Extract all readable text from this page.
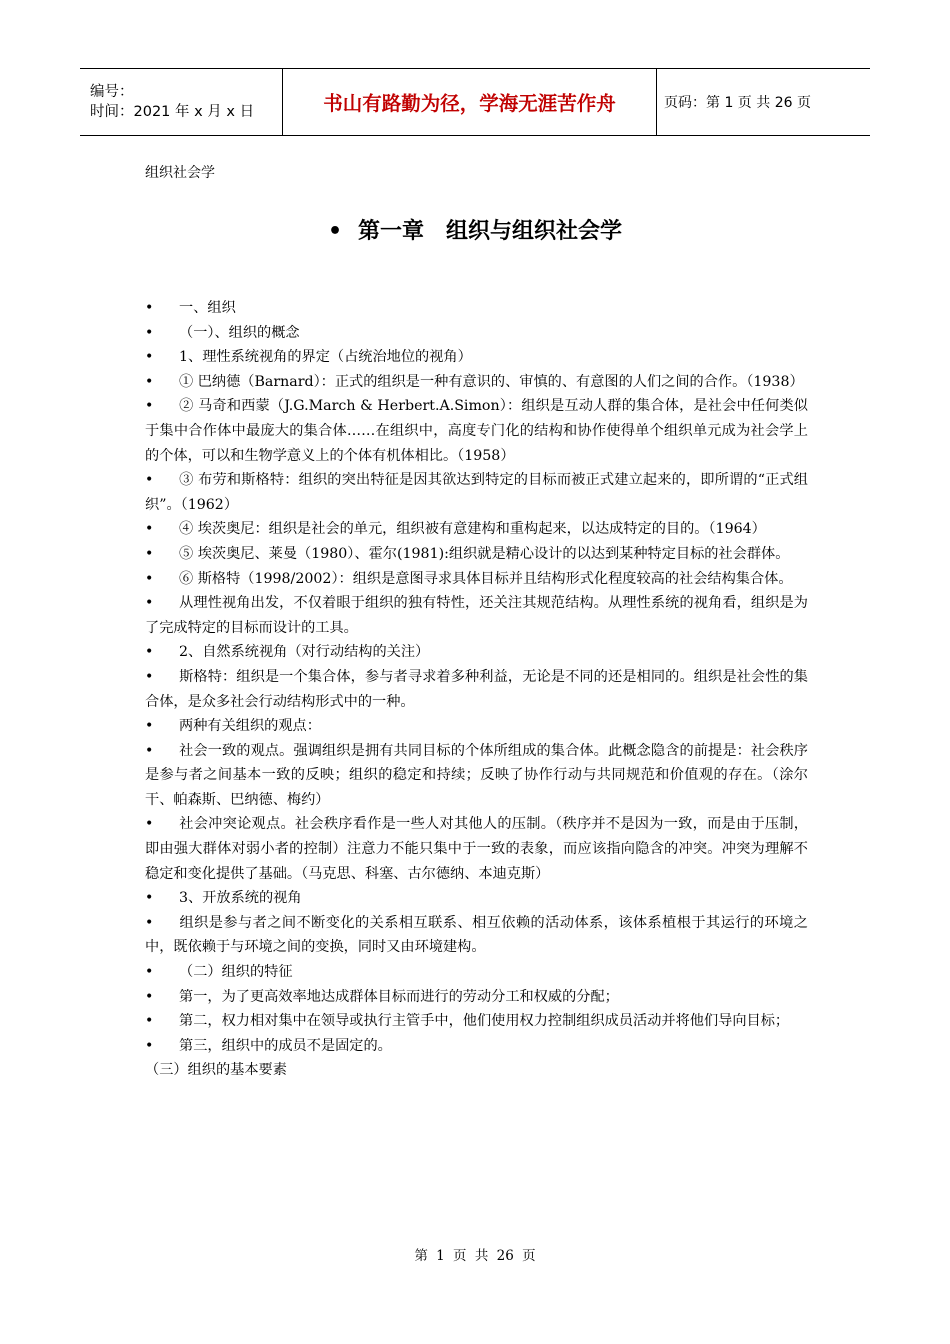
编号：
时间：2021 年 x 月 x 日	书山有路勤为径，学海无涯苦作舟	页码：第 1 页 共 26 页
组织社会学
• 第一章　组织与组织社会学

• 一、组织

• （一）、组织的概念

• 1、理性系统视角的界定（占统治地位的视角）

• ① 巴纳德（Barnard）：正式的组织是一种有意识的、审慎的、有意图的人们之间的合作。（1938）

• ② 马奇和西蒙（J.G.March & Herbert.A.Simon）：组织是互动人群的集合体，是社会中任何类似于集中合作体中最庞大的集合体……在组织中，高度专门化的结构和协作使得单个组织单元成为社会学上的个体，可以和生物学意义上的个体有机体相比。（1958）

• ③ 布劳和斯格特：组织的突出特征是因其欲达到特定的目标而被正式建立起来的，即所谓的“正式组织”。（1962）

• ④ 埃茨奥尼：组织是社会的单元，组织被有意建构和重构起来，以达成特定的目的。（1964）

• ⑤ 埃茨奥尼、莱曼（1980）、霍尔(1981):组织就是精心设计的以达到某种特定目标的社会群体。

• ⑥ 斯格特（1998/2002）：组织是意图寻求具体目标并且结构形式化程度较高的社会结构集合体。

• 从理性视角出发，不仅着眼于组织的独有特性，还关注其规范结构。从理性系统的视角看，组织是为了完成特定的目标而设计的工具。

• 2、自然系统视角（对行动结构的关注）

• 斯格特：组织是一个集合体，参与者寻求着多种利益，无论是不同的还是相同的。组织是社会性的集合体，是众多社会行动结构形式中的一种。

• 两种有关组织的观点：

• 社会一致的观点。强调组织是拥有共同目标的个体所组成的集合体。此概念隐含的前提是：社会秩序是参与者之间基本一致的反映；组织的稳定和持续；反映了协作行动与共同规范和价值观的存在。（涂尔干、帕森斯、巴纳德、梅约）

• 社会冲突论观点。社会秩序看作是一些人对其他人的压制。（秩序并不是因为一致，而是由于压制，即由强大群体对弱小者的控制）注意力不能只集中于一致的表象，而应该指向隐含的冲突。冲突为理解不稳定和变化提供了基础。（马克思、科塞、古尔德纳、本迪克斯）

• 3、开放系统的视角

• 组织是参与者之间不断变化的关系相互联系、相互依赖的活动体系，该体系植根于其运行的环境之中，既依赖于与环境之间的变换，同时又由环境建构。

• （二）组织的特征

• 第一，为了更高效率地达成群体目标而进行的劳动分工和权威的分配；

• 第二，权力相对集中在领导或执行主管手中，他们使用权力控制组织成员活动并将他们导向目标；

• 第三，组织中的成员不是固定的。

（三）组织的基本要素

第 1 页 共 26 页
